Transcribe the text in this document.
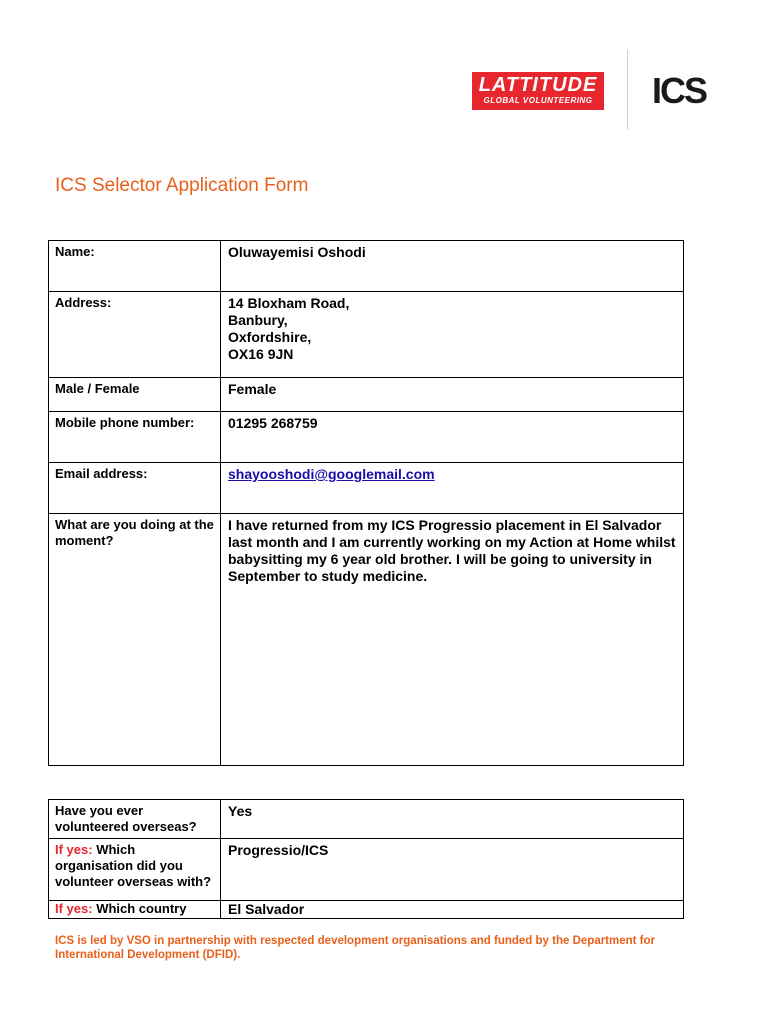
LATTITUDE
GLOBAL VOLUNTEERING	ICS
ICS Selector Application Form
Name:	Oluwayemisi Oshodi
Address:	14 Bloxham Road,
Banbury,
Oxfordshire,
OX16 9JN

Male / Female	Female
Mobile phone number:	01295 268759
Email address:	shayooshodi@googlemail.com
What are you doing at the moment?	I have returned from my ICS Progressio placement in El Salvador last month and I am currently working on my Action at Home whilst babysitting my 6 year old brother. I will be going to university in September to study medicine.
Have you ever volunteered overseas?	Yes
If yes: Which organisation did you volunteer overseas with?	Progressio/ICS
If yes: Which country	El Salvador
ICS is led by VSO in partnership with respected development organisations and funded by the Department for International Development (DFID).
